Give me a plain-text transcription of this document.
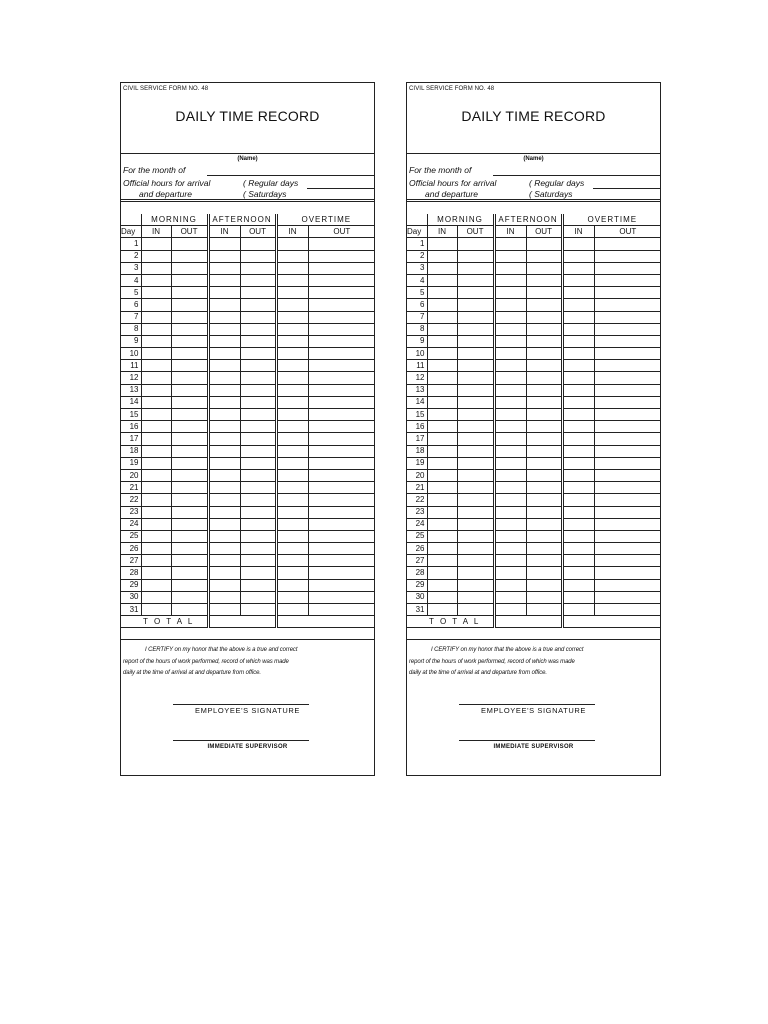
CIVIL SERVICE FORM NO. 48
DAILY TIME RECORD
(Name)
For the month of
Official hours for arrival
and departure
( Regular days
( Saturdays
	MORNING		AFTERNOON		OVERTIME	
Day	IN	OUT	IN	OUT	IN	OUT
1						
2						
3						
4						
5						
6						
7						
8						
9						
10						
11						
12						
13						
14						
15						
16						
17						
18						
19						
20						
21						
22						
23						
24						
25						
26						
27						
28						
29						
30						
31						
T O T A L						

I CERTIFY on my honor that the above is a true and correct
report of the hours of work performed, record of which was made
daily at the time of arrival at and departure from office.
EMPLOYEE'S SIGNATURE
IMMEDIATE SUPERVISOR
CIVIL SERVICE FORM NO. 48
DAILY TIME RECORD
(Name)
For the month of
Official hours for arrival
and departure
( Regular days
( Saturdays
	MORNING		AFTERNOON		OVERTIME	
Day	IN	OUT	IN	OUT	IN	OUT
1						
2						
3						
4						
5						
6						
7						
8						
9						
10						
11						
12						
13						
14						
15						
16						
17						
18						
19						
20						
21						
22						
23						
24						
25						
26						
27						
28						
29						
30						
31						
T O T A L						

I CERTIFY on my honor that the above is a true and correct
report of the hours of work performed, record of which was made
daily at the time of arrival at and departure from office.
EMPLOYEE'S SIGNATURE
IMMEDIATE SUPERVISOR
